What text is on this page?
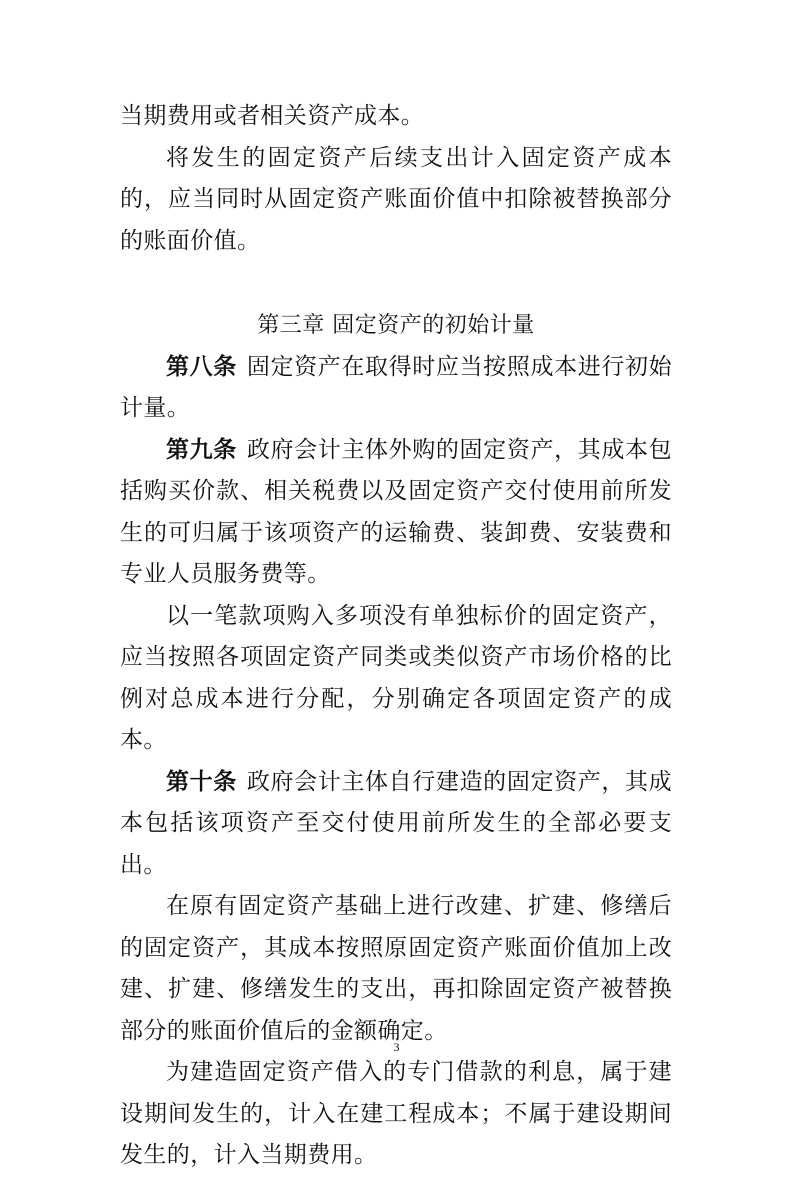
当期费用或者相关资产成本。

将发生的固定资产后续支出计入固定资产成本的，应当同时从固定资产账面价值中扣除被替换部分的账面价值。

第三章 固定资产的初始计量

第八条 固定资产在取得时应当按照成本进行初始计量。

第九条 政府会计主体外购的固定资产，其成本包括购买价款、相关税费以及固定资产交付使用前所发生的可归属于该项资产的运输费、装卸费、安装费和专业人员服务费等。

以一笔款项购入多项没有单独标价的固定资产，应当按照各项固定资产同类或类似资产市场价格的比例对总成本进行分配，分别确定各项固定资产的成本。

第十条 政府会计主体自行建造的固定资产，其成本包括该项资产至交付使用前所发生的全部必要支出。

在原有固定资产基础上进行改建、扩建、修缮后的固定资产，其成本按照原固定资产账面价值加上改建、扩建、修缮发生的支出，再扣除固定资产被替换部分的账面价值后的金额确定。

为建造固定资产借入的专门借款的利息，属于建设期间发生的，计入在建工程成本；不属于建设期间发生的，计入当期费用。

3
